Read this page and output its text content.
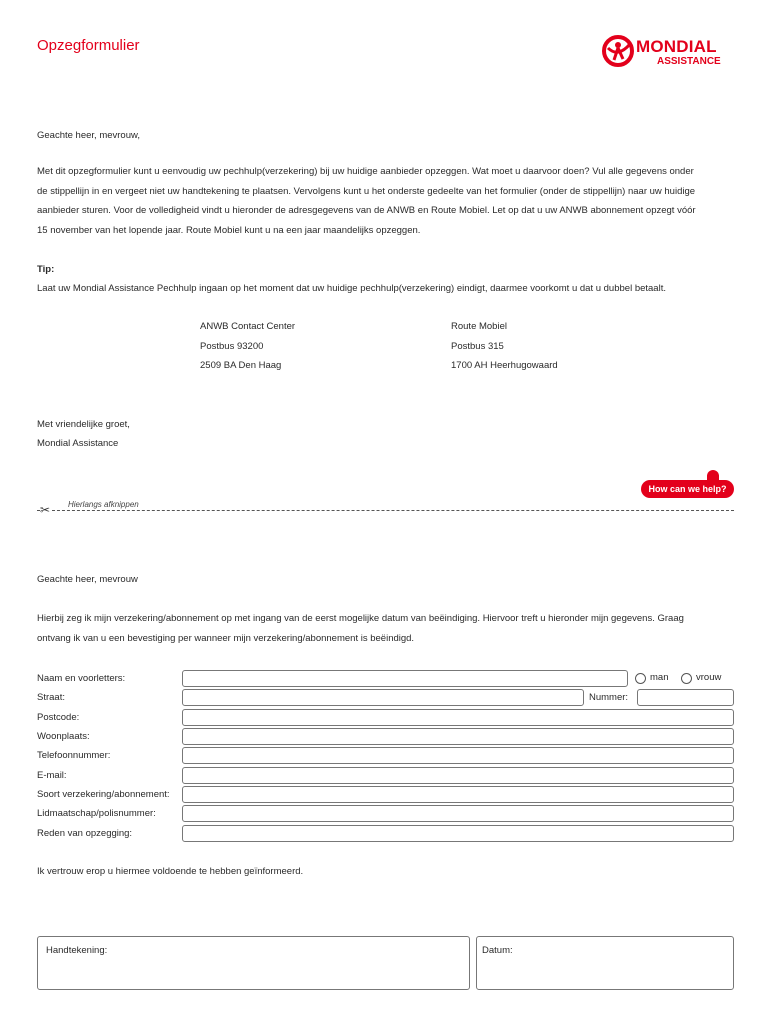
Opzegformulier	MONDIAL
ASSISTANCE
Geachte heer, mevrouw,
Met dit opzegformulier kunt u eenvoudig uw pechhulp(verzekering) bij uw huidige aanbieder opzeggen. Wat moet u daarvoor doen? Vul alle gegevens onder
de stippellijn in en vergeet niet uw handtekening te plaatsen. Vervolgens kunt u het onderste gedeelte van het formulier (onder de stippellijn) naar uw huidige
aanbieder sturen. Voor de volledigheid vindt u hieronder de adresgegevens van de ANWB en Route Mobiel. Let op dat u uw ANWB abonnement opzegt vóór
15 november van het lopende jaar. Route Mobiel kunt u na een jaar maandelijks opzeggen.
Tip:
Laat uw Mondial Assistance Pechhulp ingaan op het moment dat uw huidige pechhulp(verzekering) eindigt, daarmee voorkomt u dat u dubbel betaalt.
ANWB Contact Center
Postbus 93200
2509 BA Den Haag
Route Mobiel
Postbus 315
1700 AH Heerhugowaard
Met vriendelijke groet,
Mondial Assistance
How can we help?
✂ Hierlangs afknippen
Geachte heer, mevrouw
Hierbij zeg ik mijn verzekering/abonnement op met ingang van de eerst mogelijke datum van beëindiging. Hiervoor treft u hieronder mijn gegevens. Graag
ontvang ik van u een bevestiging per wanneer mijn verzekering/abonnement is beëindigd.
Naam en voorletters:	man	vrouw
Straat:	Nummer:
Postcode:
Woonplaats:
Telefoonnummer:
E-mail:
Soort verzekering/abonnement:
Lidmaatschap/polisnummer:
Reden van opzegging:
Ik vertrouw erop u hiermee voldoende te hebben geïnformeerd.
Handtekening:	Datum:
